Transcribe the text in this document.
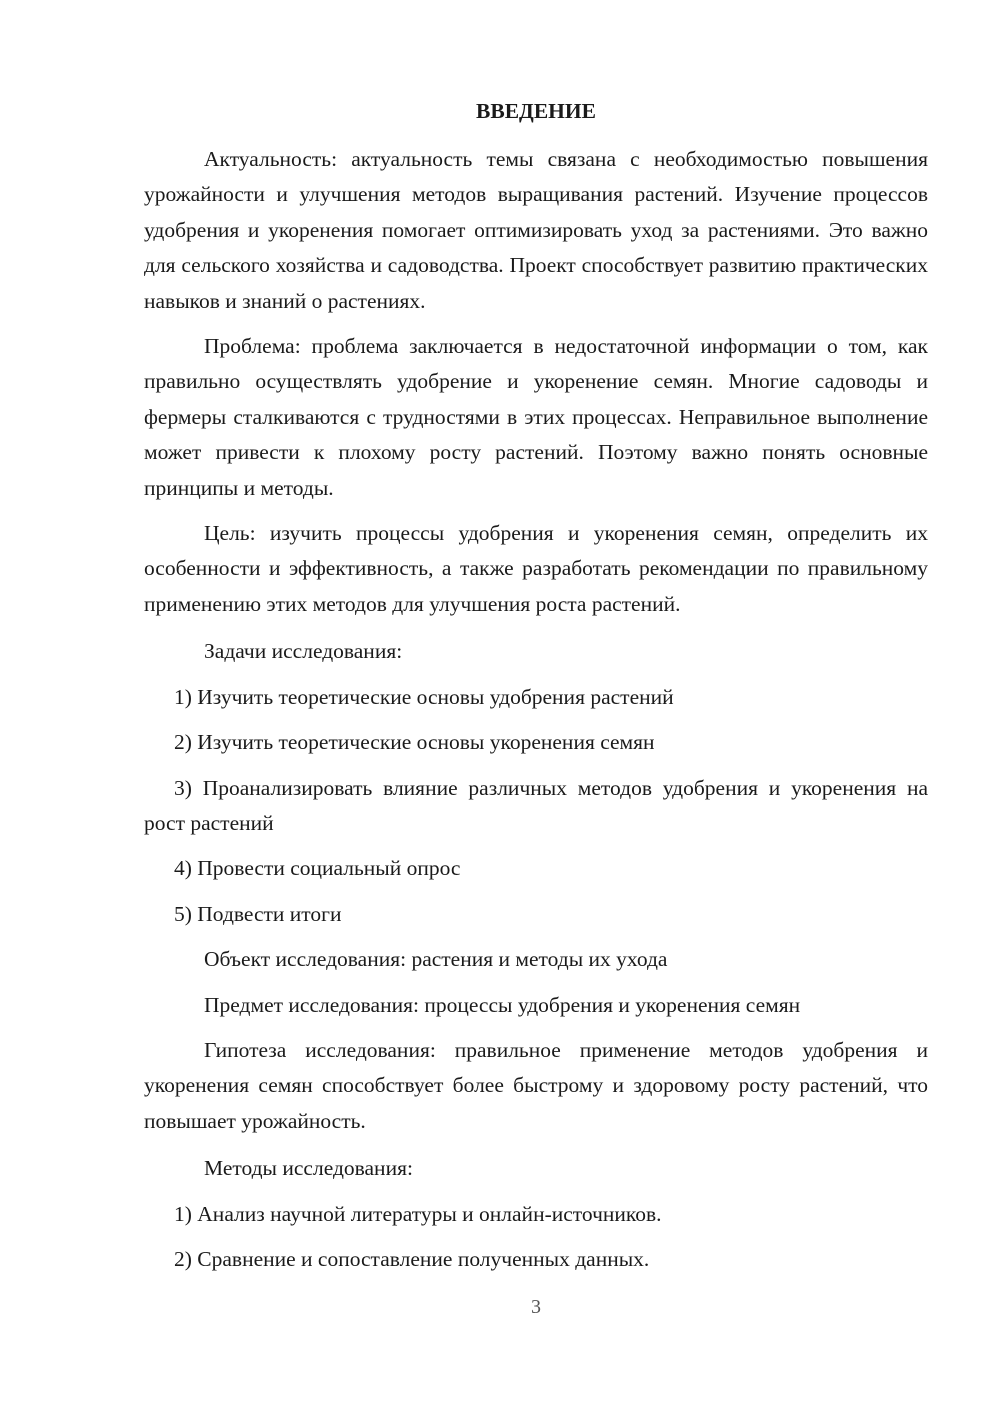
ВВЕДЕНИЕ

Актуальность: актуальность темы связана с необходимостью повышения урожайности и улучшения методов выращивания растений. Изучение процессов удобрения и укоренения помогает оптимизировать уход за растениями. Это важно для сельского хозяйства и садоводства. Проект способствует развитию практических навыков и знаний о растениях.

Проблема: проблема заключается в недостаточной информации о том, как правильно осуществлять удобрение и укоренение семян. Многие садоводы и фермеры сталкиваются с трудностями в этих процессах. Неправильное выполнение может привести к плохому росту растений. Поэтому важно понять основные принципы и методы.

Цель: изучить процессы удобрения и укоренения семян, определить их особенности и эффективность, а также разработать рекомендации по правильному применению этих методов для улучшения роста растений.

Задачи исследования:

1) Изучить теоретические основы удобрения растений

2) Изучить теоретические основы укоренения семян

3) Проанализировать влияние различных методов удобрения и укоренения на рост растений

4) Провести социальный опрос

5) Подвести итоги

Объект исследования: растения и методы их ухода

Предмет исследования: процессы удобрения и укоренения семян

Гипотеза исследования: правильное применение методов удобрения и укоренения семян способствует более быстрому и здоровому росту растений, что повышает урожайность.

Методы исследования:

1) Анализ научной литературы и онлайн-источников.

2) Сравнение и сопоставление полученных данных.

3
